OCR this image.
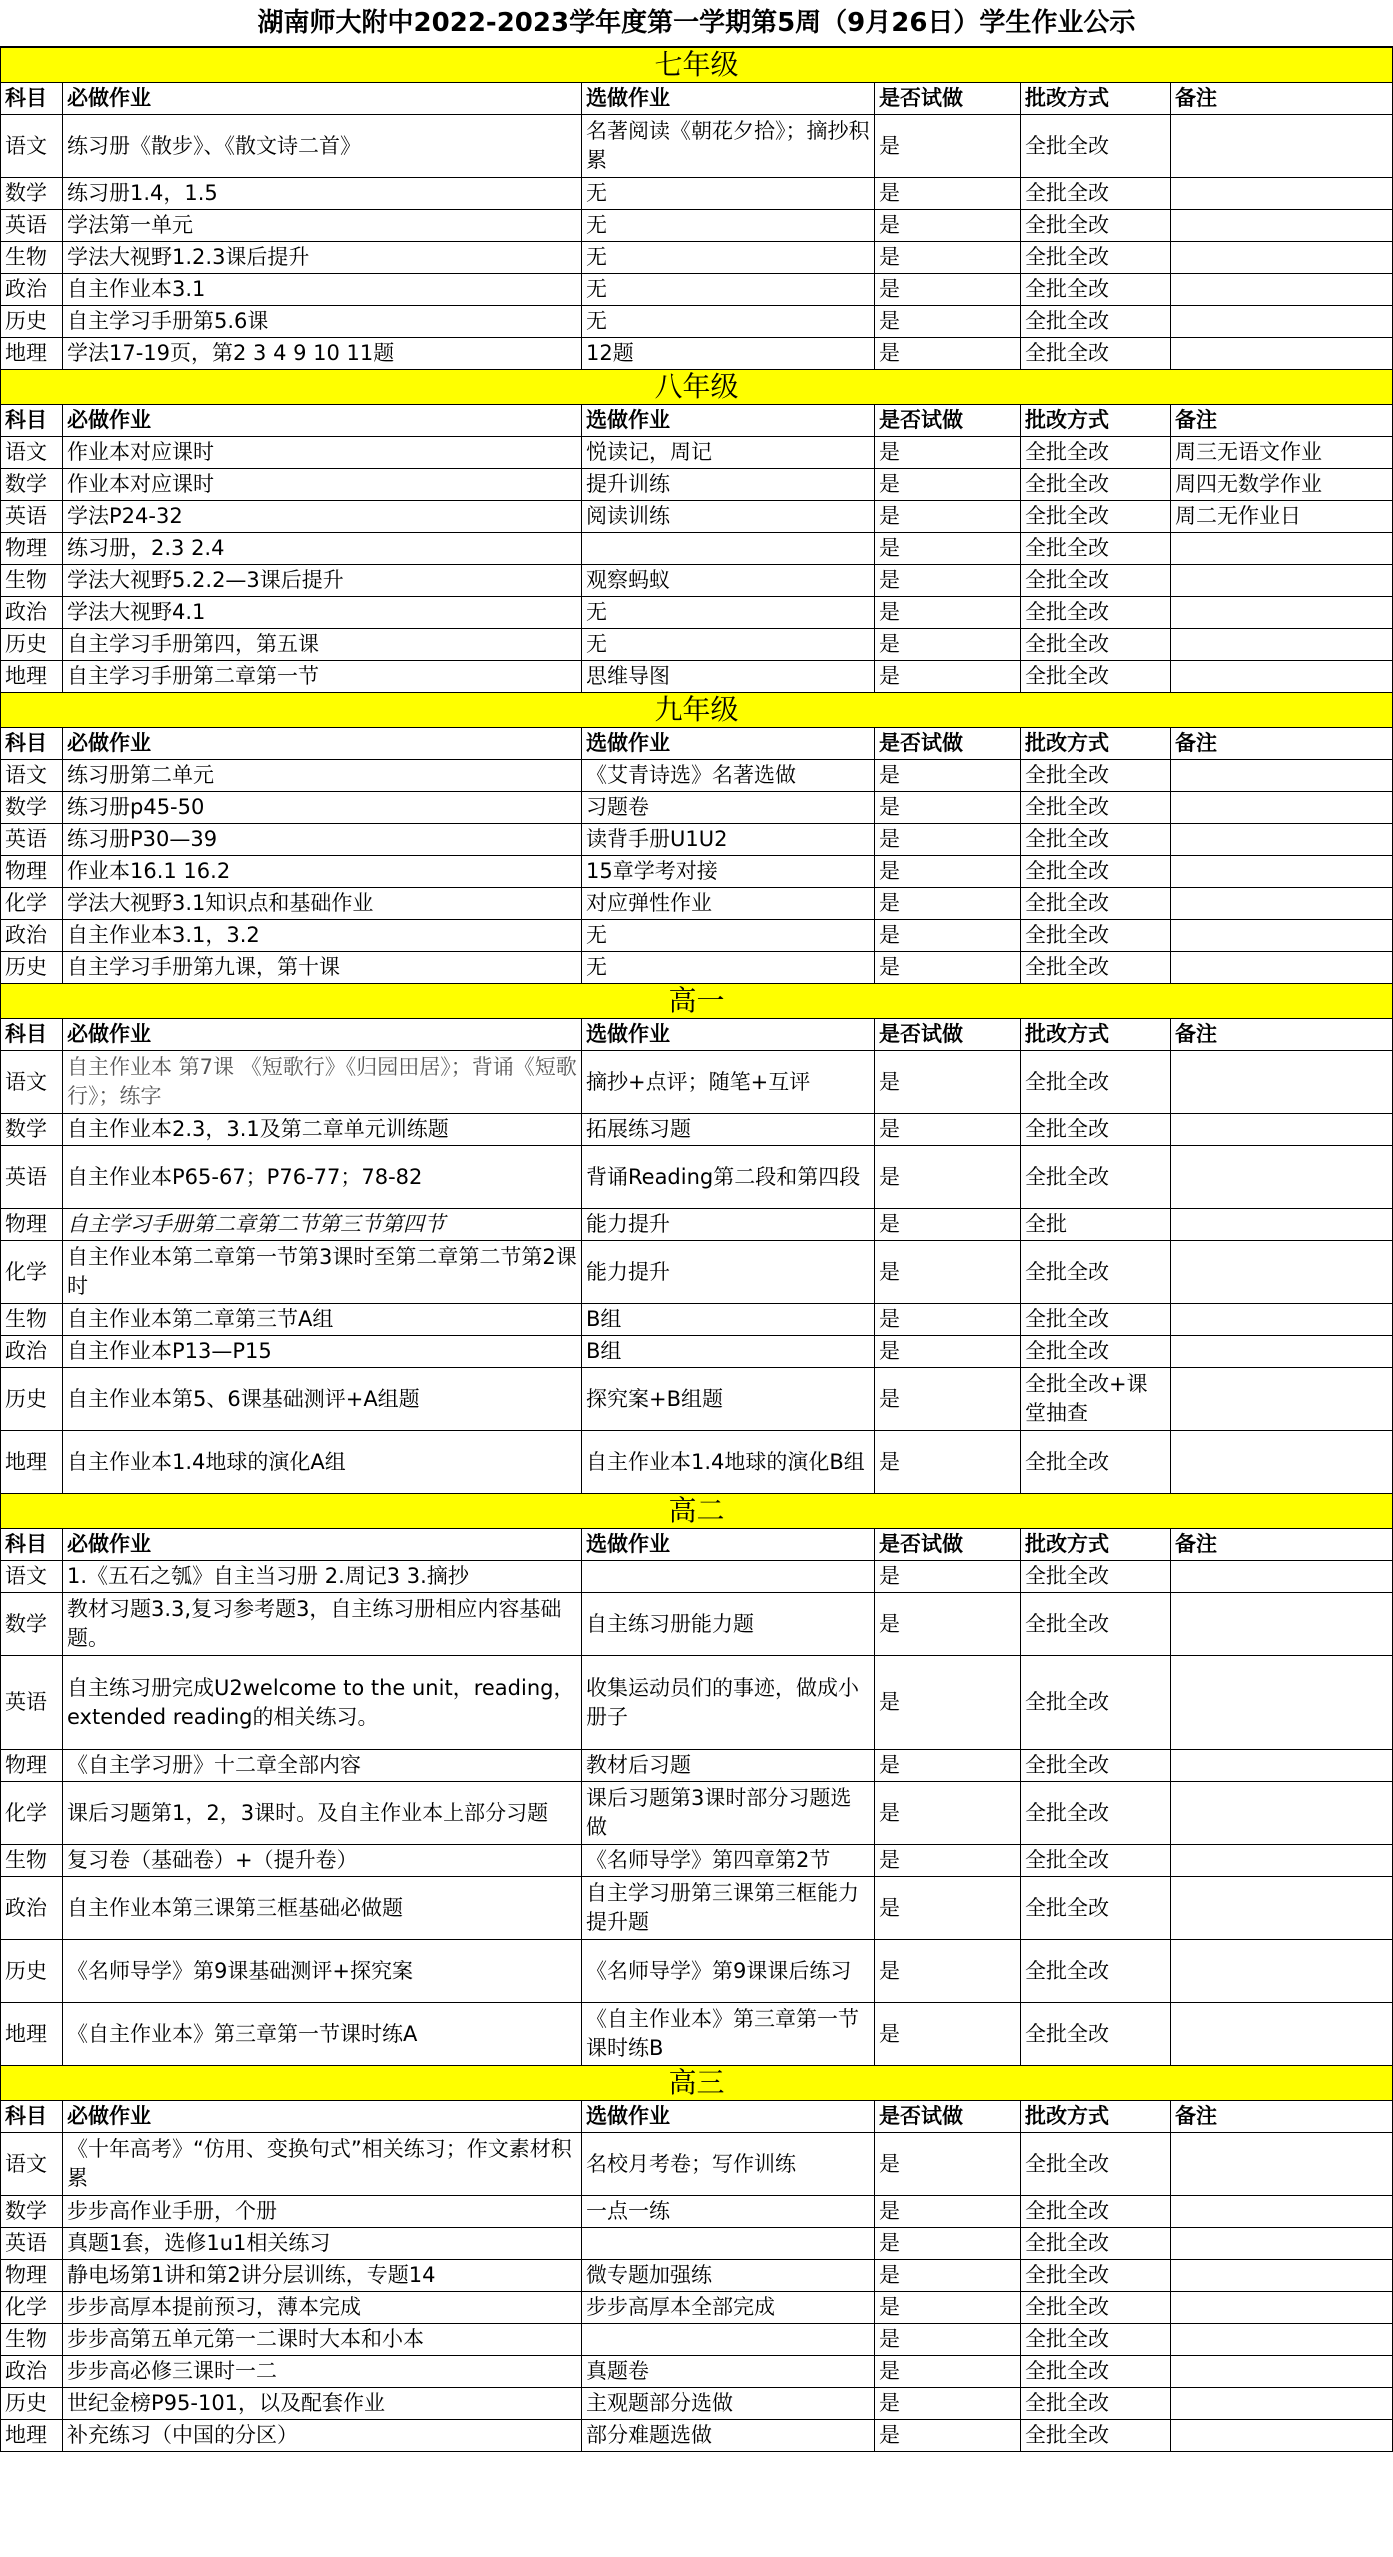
湖南师大附中2022-2023学年度第一学期第5周（9月26日）学生作业公示
七年级					
科目	必做作业	选做作业	是否试做	批改方式	备注
语文	练习册《散步》、《散文诗二首》	名著阅读《朝花夕拾》；摘抄积累	是	全批全改	
数学	练习册1.4，1.5	无	是	全批全改	
英语	学法第一单元	无	是	全批全改	
生物	学法大视野1.2.3课后提升	无	是	全批全改	
政治	自主作业本3.1	无	是	全批全改	
历史	自主学习手册第5.6课	无	是	全批全改	
地理	学法17-19页，第2 3 4 9 10 11题	12题	是	全批全改	
八年级					
科目	必做作业	选做作业	是否试做	批改方式	备注
语文	作业本对应课时	悦读记，周记	是	全批全改	周三无语文作业
数学	作业本对应课时	提升训练	是	全批全改	周四无数学作业
英语	学法P24-32	阅读训练	是	全批全改	周二无作业日
物理	练习册，2.3 2.4		是	全批全改	
生物	学法大视野5.2.2—3课后提升	观察蚂蚁	是	全批全改	
政治	学法大视野4.1	无	是	全批全改	
历史	自主学习手册第四，第五课	无	是	全批全改	
地理	自主学习手册第二章第一节	思维导图	是	全批全改	
九年级					
科目	必做作业	选做作业	是否试做	批改方式	备注
语文	练习册第二单元	《艾青诗选》名著选做	是	全批全改	
数学	练习册p45-50	习题卷	是	全批全改	
英语	练习册P30—39	读背手册U1U2	是	全批全改	
物理	作业本16.1 16.2	15章学考对接	是	全批全改	
化学	学法大视野3.1知识点和基础作业	对应弹性作业	是	全批全改	
政治	自主作业本3.1，3.2	无	是	全批全改	
历史	自主学习手册第九课，第十课	无	是	全批全改	
高一					
科目	必做作业	选做作业	是否试做	批改方式	备注
语文	自主作业本 第7课 《短歌行》《归园田居》；背诵《短歌行》；练字	摘抄+点评；随笔+互评	是	全批全改	
数学	自主作业本2.3，3.1及第二章单元训练题	拓展练习题	是	全批全改	
英语	自主作业本P65-67；P76-77；78-82	背诵Reading第二段和第四段	是	全批全改	
物理	自主学习手册第二章第二节第三节第四节	能力提升	是	全批	
化学	自主作业本第二章第一节第3课时至第二章第二节第2课时	能力提升	是	全批全改	
生物	自主作业本第二章第三节A组	B组	是	全批全改	
政治	自主作业本P13—P15	B组	是	全批全改	
历史	自主作业本第5、6课基础测评+A组题	探究案+B组题	是	全批全改+课堂抽查	
地理	自主作业本1.4地球的演化A组	自主作业本1.4地球的演化B组	是	全批全改	
高二					
科目	必做作业	选做作业	是否试做	批改方式	备注
语文	1.《五石之瓠》自主当习册 2.周记3 3.摘抄		是	全批全改	
数学	教材习题3.3,复习参考题3，自主练习册相应内容基础题。	自主练习册能力题	是	全批全改	
英语	自主练习册完成U2welcome to the unit，reading，extended reading的相关练习。	收集运动员们的事迹，做成小册子	是	全批全改	
物理	《自主学习册》十二章全部内容	教材后习题	是	全批全改	
化学	课后习题第1，2，3课时。及自主作业本上部分习题	课后习题第3课时部分习题选做	是	全批全改	
生物	复习卷（基础卷）+（提升卷）	《名师导学》第四章第2节	是	全批全改	
政治	自主作业本第三课第三框基础必做题	自主学习册第三课第三框能力提升题	是	全批全改	
历史	《名师导学》第9课基础测评+探究案	《名师导学》第9课课后练习	是	全批全改	
地理	《自主作业本》第三章第一节课时练A	《自主作业本》第三章第一节课时练B	是	全批全改	
高三					
科目	必做作业	选做作业	是否试做	批改方式	备注
语文	《十年高考》“仿用、变换句式”相关练习；作文素材积累	名校月考卷；写作训练	是	全批全改	
数学	步步高作业手册，个册	一点一练	是	全批全改	
英语	真题1套，选修1u1相关练习		是	全批全改	
物理	静电场第1讲和第2讲分层训练，专题14	微专题加强练	是	全批全改	
化学	步步高厚本提前预习，薄本完成	步步高厚本全部完成	是	全批全改	
生物	步步高第五单元第一二课时大本和小本		是	全批全改	
政治	步步高必修三课时一二	真题卷	是	全批全改	
历史	世纪金榜P95-101，以及配套作业	主观题部分选做	是	全批全改	
地理	补充练习（中国的分区）	部分难题选做	是	全批全改	
